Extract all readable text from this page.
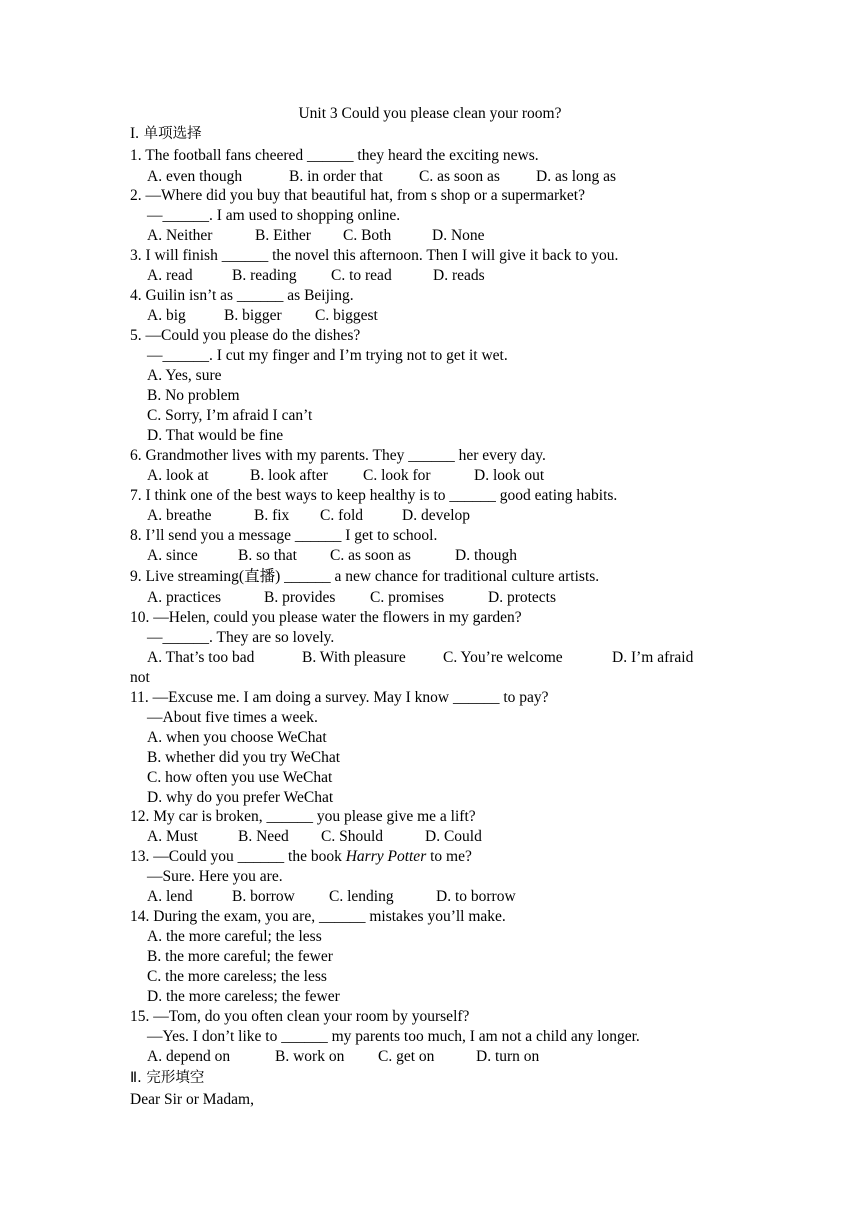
Unit 3 Could you please clean your room?
I. 单项选择
1. The football fans cheered ______ they heard the exciting news.
A. even though	B. in order that C. as soon as D. as long as
2. —Where did you buy that beautiful hat, from s shop or a supermarket?
—______. I am used to shopping online.
A. Neither	B. Either C. Both	D. None
3. I will finish ______ the novel this afternoon. Then I will give it back to you.
A. read	B. reading C. to read	D. reads
4. Guilin isn’t as ______ as Beijing.
A. big B. bigger C. biggest
5. —Could you please do the dishes?
—______. I cut my finger and I’m trying not to get it wet.
A. Yes, sure
B. No problem
C. Sorry, I’m afraid I can’t
D. That would be fine
6. Grandmother lives with my parents. They ______ her every day.
A. look at	B. look after C. look for	D. look out
7. I think one of the best ways to keep healthy is to ______ good eating habits.
A. breathe	B. fix C. fold	D. develop
8. I’ll send you a message ______ I get to school.
A. since	B. so that C. as soon as	D. though
9. Live streaming(直播) ______ a new chance for traditional culture artists.
A. practices	B. provides C. promises	D. protects
10. —Helen, could you please water the flowers in my garden?
—______. They are so lovely.
A. That’s too bad	B. With pleasure C. You’re welcome	D. I’m afraid
not
11. —Excuse me. I am doing a survey. May I know ______ to pay?
—About five times a week.
A. when you choose WeChat
B. whether did you try WeChat
C. how often you use WeChat
D. why do you prefer WeChat
12. My car is broken, ______ you please give me a lift?
A. Must	B. Need C. Should	D. Could
13. —Could you ______ the book Harry Potter to me?
—Sure. Here you are.
A. lend	B. borrow C. lending	D. to borrow
14. During the exam, you are, ______ mistakes you’ll make.
A. the more careful; the less
B. the more careful; the fewer
C. the more careless; the less
D. the more careless; the fewer
15. —Tom, do you often clean your room by yourself?
—Yes. I don’t like to ______ my parents too much, I am not a child any longer.
A. depend on	B. work on C. get on	D. turn on
Ⅱ. 完形填空
Dear Sir or Madam,
